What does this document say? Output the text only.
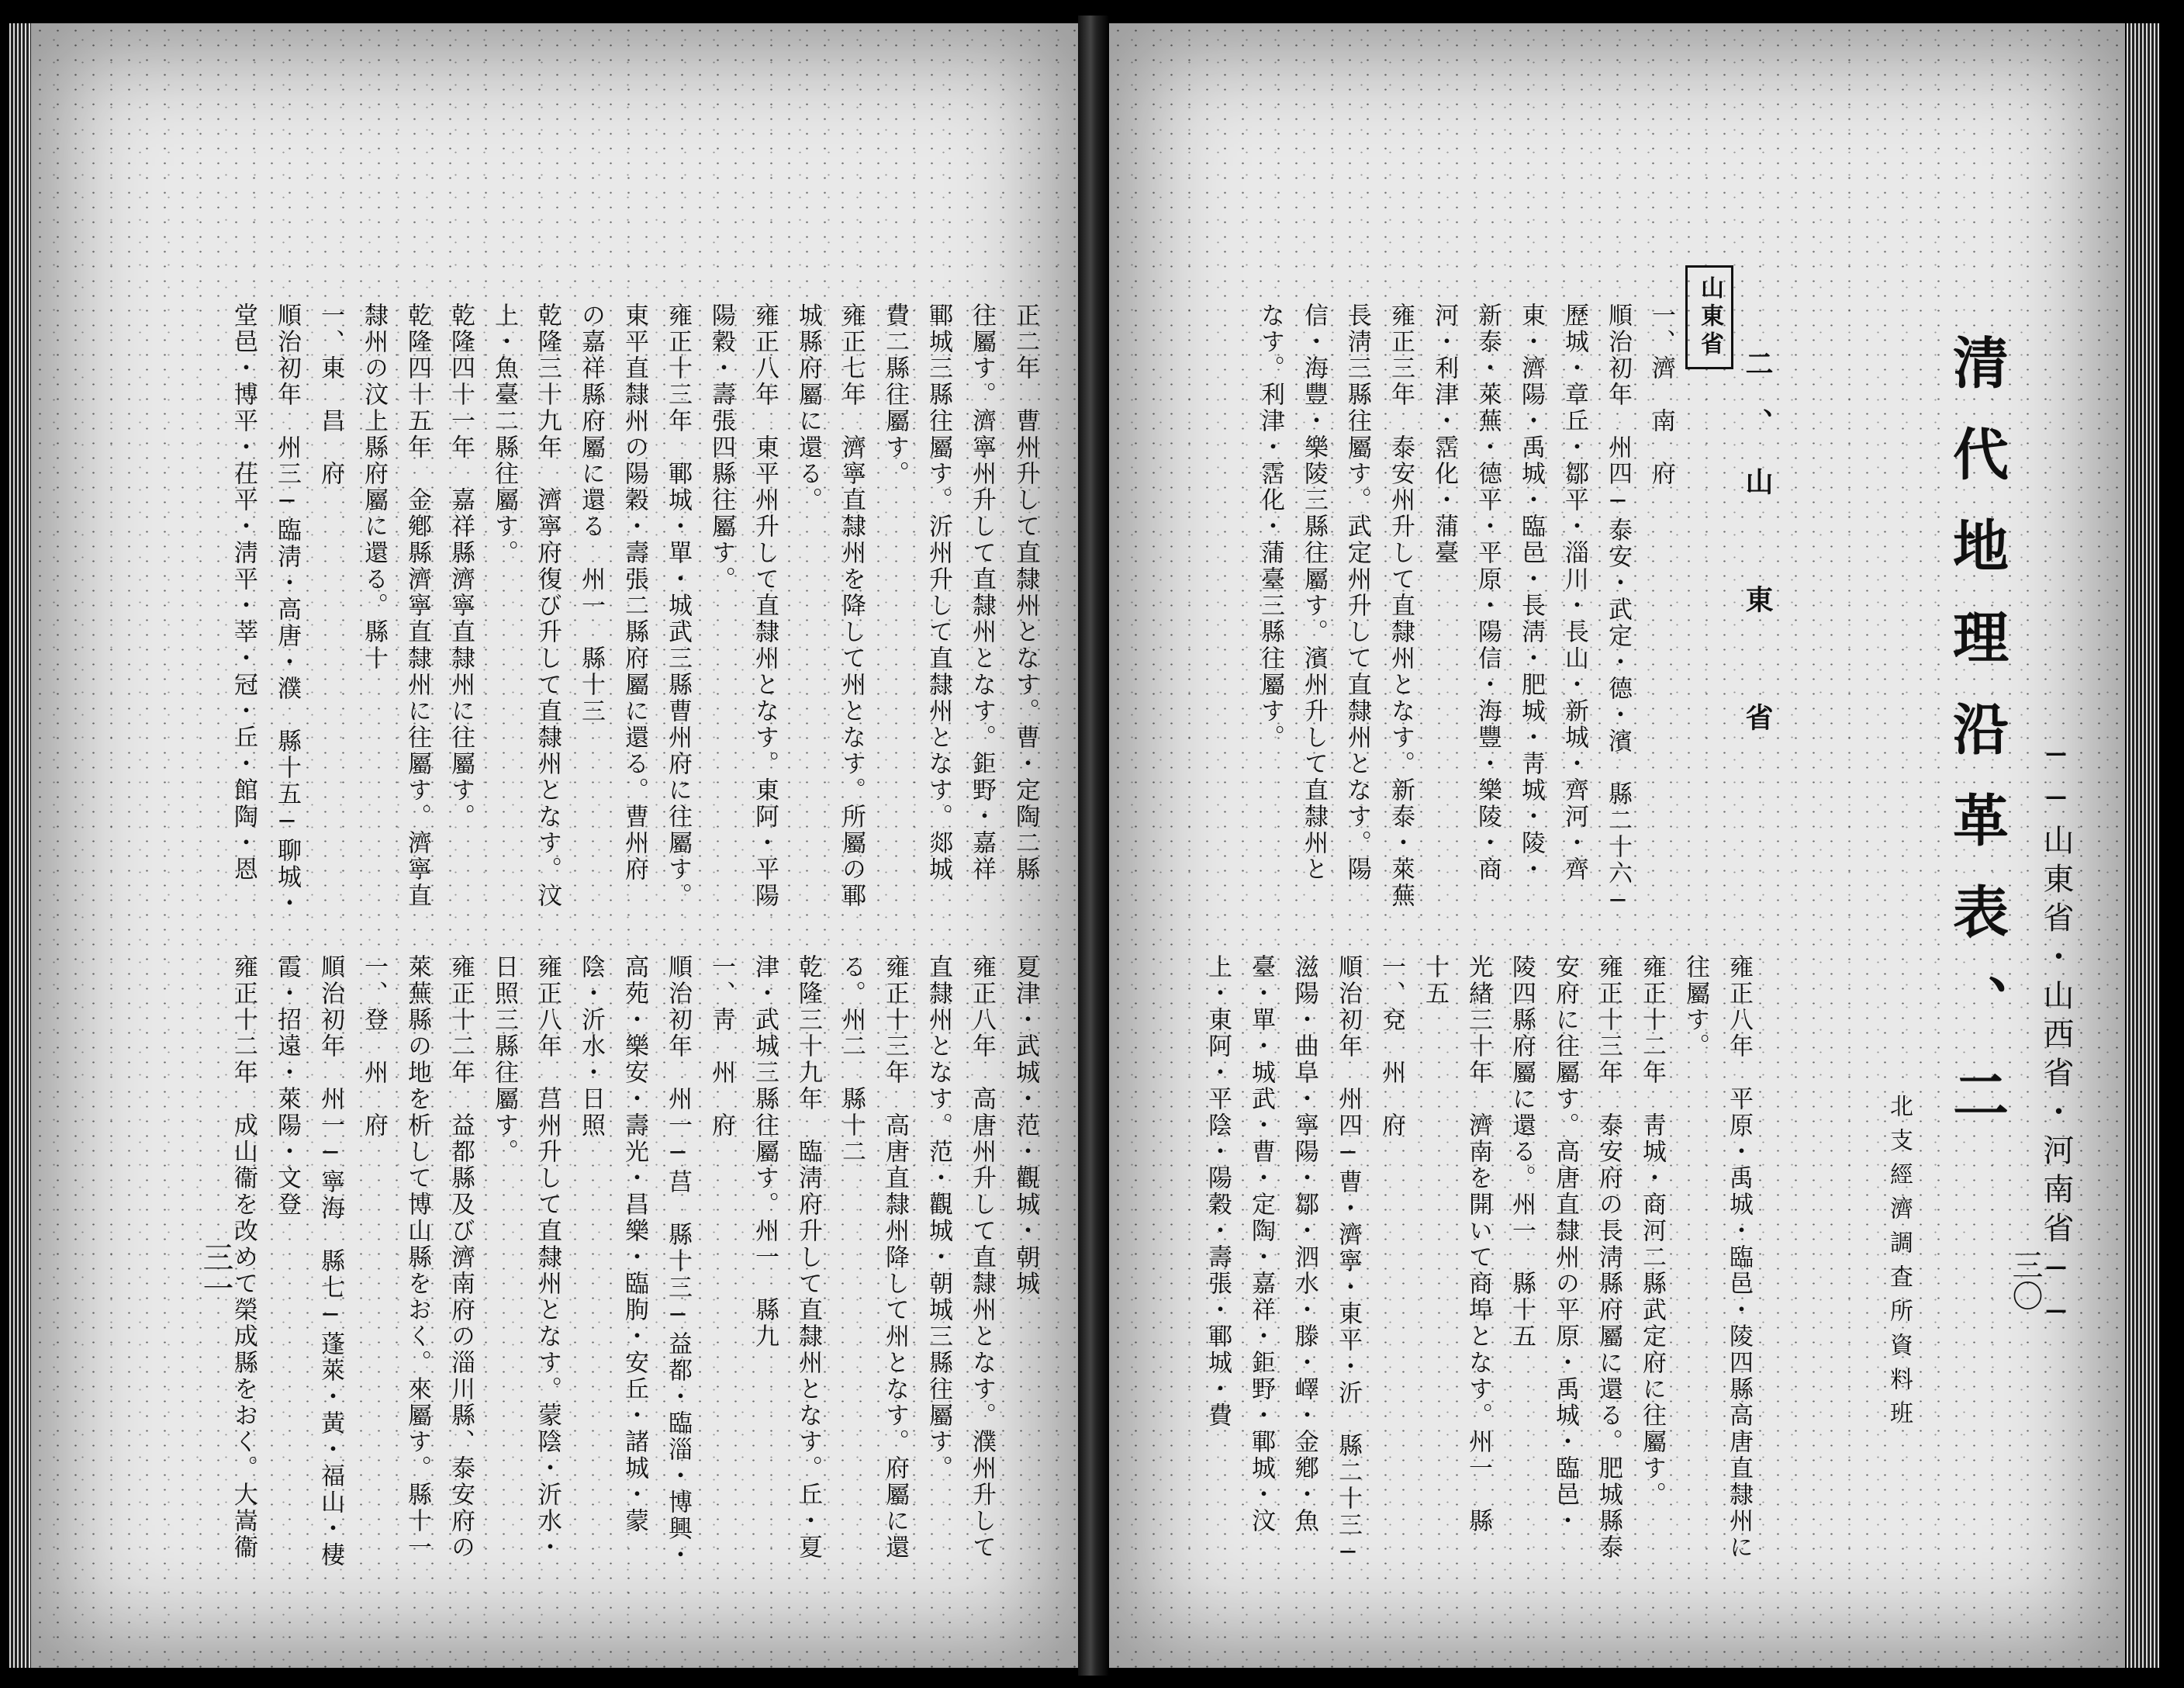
正二年　曹州升して直隸州となす。曹・定陶二縣
往屬す。濟寧州升して直隸州となす。鉅野・嘉祥
鄆城三縣往屬す。沂州升して直隸州となす。郯城
費二縣往屬す。
雍正七年　濟寧直隸州を降して州となす。所屬の鄆
城縣府屬に還る。
雍正八年　東平州升して直隸州となす。東阿・平陽
陽穀・壽張四縣往屬す。
雍正十三年　鄆城・單・城武三縣曹州府に往屬す。
東平直隸州の陽穀・壽張二縣府屬に還る。曹州府
の嘉祥縣府屬に還る　州一　縣十三
乾隆三十九年　濟寧府復び升して直隸州となす。汶
上・魚臺二縣往屬す。
乾隆四十一年　嘉祥縣濟寧直隸州に往屬す。
乾隆四十五年　金鄕縣濟寧直隸州に往屬す。濟寧直
隸州の汶上縣府屬に還る。縣十
一、東　昌　府
順治初年　州三─臨淸・高唐・濮　縣十五─聊城・
堂邑・博平・茌平・淸平・莘・冠・丘・館陶・恩
夏津・武城・范・觀城・朝城
雍正八年　高唐州升して直隸州となす。濮州升して
直隸州となす。范・觀城・朝城三縣往屬す。
雍正十三年　高唐直隸州降して州となす。府屬に還
る。州二　縣十二
乾隆三十九年　臨淸府升して直隸州となす。丘・夏
津・武城三縣往屬す。州一　縣九
一、靑　州　府
順治初年　州一─莒　縣十三─益都・臨淄・博興・
高苑・樂安・壽光・昌樂・臨朐・安丘・諸城・蒙
陰・沂水・日照
雍正八年　莒州升して直隸州となす。蒙陰・沂水・
日照三縣往屬す。
雍正十二年　益都縣及び濟南府の淄川縣、泰安府の
萊蕪縣の地を析して博山縣をおく。來屬す。縣十一
一、登　州　府
順治初年　州一─寧海　縣七─蓬萊・黃・福山・棲
霞・招遠・萊陽・文登
雍正十二年　成山衞を改めて榮成縣をおく。大嵩衞
三一
清代地理沿革表、二 ──山東省・山西省・河南省──
北支經濟調査所資料班	三〇
山東省
二、山　東　省
一、濟　南　府
順治初年　州四─泰安・武定・德・濱　縣二十六─
歷城・章丘・鄒平・淄川・長山・新城・齊河・齊
東・濟陽・禹城・臨邑・長淸・肥城・靑城・陵・
新泰・萊蕪・德平・平原・陽信・海豐・樂陵・商
河・利津・霑化・蒲臺
雍正三年　泰安州升して直隸州となす。新泰・萊蕪
長淸三縣往屬す。武定州升して直隸州となす。陽
信・海豐・樂陵三縣往屬す。濱州升して直隸州と
なす。利津・霑化・蒲臺三縣往屬す。
雍正八年　平原・禹城・臨邑・陵四縣高唐直隸州に
往屬す。
雍正十二年　靑城・商河二縣武定府に往屬す。
雍正十三年　泰安府の長淸縣府屬に還る。肥城縣泰
安府に往屬す。高唐直隸州の平原・禹城・臨邑・
陵四縣府屬に還る。州一　縣十五
光緖三十年　濟南を開いて商埠となす。州一　縣
十五
一、兗　州　府
順治初年　州四─曹・濟寧・東平・沂　縣二十三─
滋陽・曲阜・寧陽・鄒・泗水・滕・嶧・金鄕・魚
臺・單・城武・曹・定陶・嘉祥・鉅野・鄆城・汶
上・東阿・平陰・陽穀・壽張・鄆城・費
